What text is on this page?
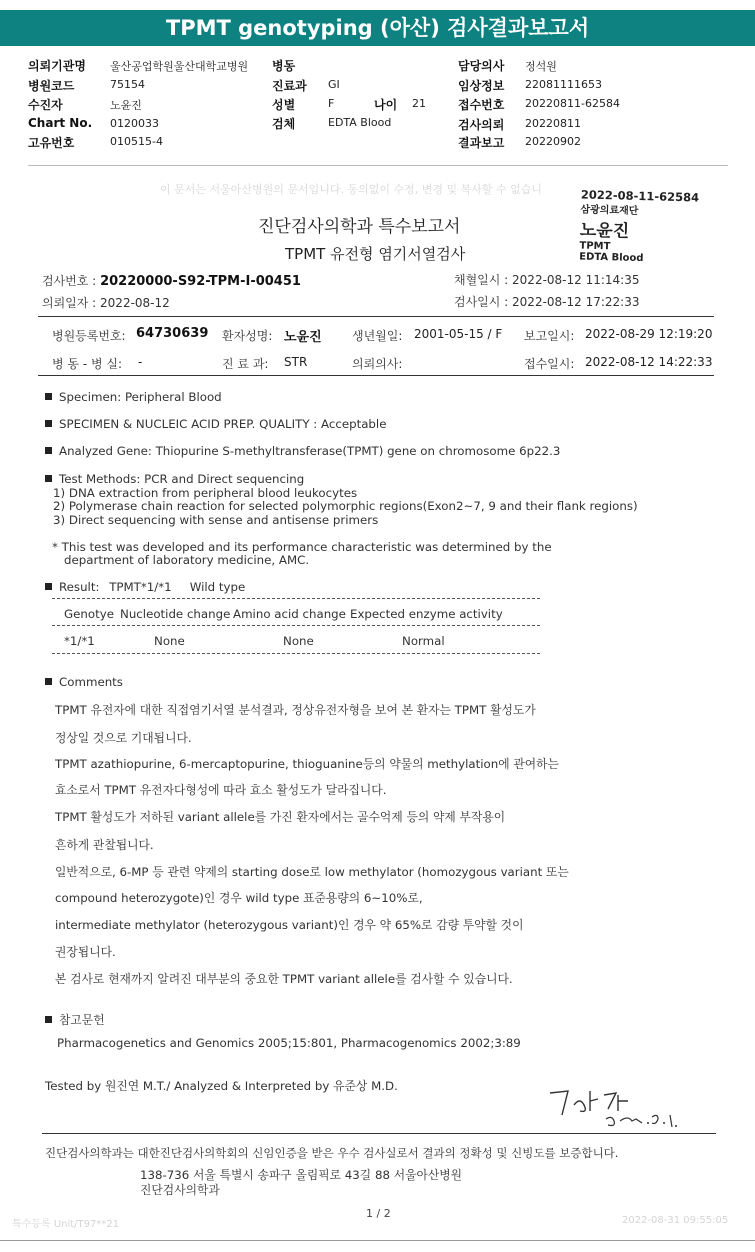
TPMT genotyping (아산) 검사결과보고서
의뢰기관명 울산공업학원울산대학교병원
병원코드	75154
수진자	노윤진
Chart No. 0120033
고유번호	010515-4
병동
진료과 GI
성별	F	나이 21
검체	EDTA Blood
담당의사 정석원
임상정보 22081111653
접수번호 20220811-62584
검사의뢰 20220811
결과보고 20220902
이 문서는 서울아산병원의 문서입니다. 동의없이 수정, 변경 및 복사할 수 없습니	2022-08-11-62584
삼광의료재단
노윤진
TPMT
EDTA Blood
진단검사의학과 특수보고서
TPMT 유전형 염기서열검사
검사번호 : 20220000-S92-TPM-I-00451
의뢰일자 : 2022-08-12
채혈일시 : 2022-08-12 11:14:35
검사일시 : 2022-08-12 17:22:33
병원등록번호: 64730639 환자성명: 노윤진	생년월일: 2001-05-15 / F 보고일시: 2022-08-29 12:19:20
병 동 - 병 실: -	진 료 과: STR	의뢰의사:	접수일시: 2022-08-12 14:22:33
Specimen: Peripheral Blood
SPECIMEN & NUCLEIC ACID PREP. QUALITY : Acceptable
Analyzed Gene: Thiopurine S-methyltransferase(TPMT) gene on chromosome 6p22.3
Test Methods: PCR and Direct sequencing
1) DNA extraction from peripheral blood leukocytes
2) Polymerase chain reaction for selected polymorphic regions(Exon2~7, 9 and their flank regions)
3) Direct sequencing with sense and antisense primers
* This test was developed and its performance characteristic was determined by the
department of laboratory medicine, AMC.
Result: TPMT*1/*1 Wild type
Genotye Nucleotide change Amino acid change Expected enzyme activity
*1/*1	None	None	Normal
Comments
TPMT 유전자에 대한 직접염기서열 분석결과, 정상유전자형을 보여 본 환자는 TPMT 활성도가
정상일 것으로 기대됩니다.
TPMT azathiopurine, 6-mercaptopurine, thioguanine등의 약물의 methylation에 관여하는
효소로서 TPMT 유전자다형성에 따라 효소 활성도가 달라집니다.
TPMT 활성도가 저하된 variant allele를 가진 환자에서는 골수억제 등의 약제 부작용이
흔하게 관찰됩니다.
일반적으로, 6-MP 등 관련 약제의 starting dose로 low methylator (homozygous variant 또는
compound heterozygote)인 경우 wild type 표준용량의 6~10%로,
intermediate methylator (heterozygous variant)인 경우 약 65%로 감량 투약할 것이
권장됩니다.
본 검사로 현재까지 알려진 대부분의 중요한 TPMT variant allele를 검사할 수 있습니다.
참고문헌
Pharmacogenetics and Genomics 2005;15:801, Pharmacogenomics 2002;3:89
Tested by 원진연 M.T./ Analyzed & Interpreted by 유준상 M.D.
진단검사의학과는 대한진단검사의학회의 신임인증을 받은 우수 검사실로서 결과의 정확성 및 신빙도를 보증합니다.
138-736 서울 특별시 송파구 올림픽로 43길 88 서울아산병원
진단검사의학과
특수등록 Unit/T97**21
1 / 2
2022-08-31 09:55:05
